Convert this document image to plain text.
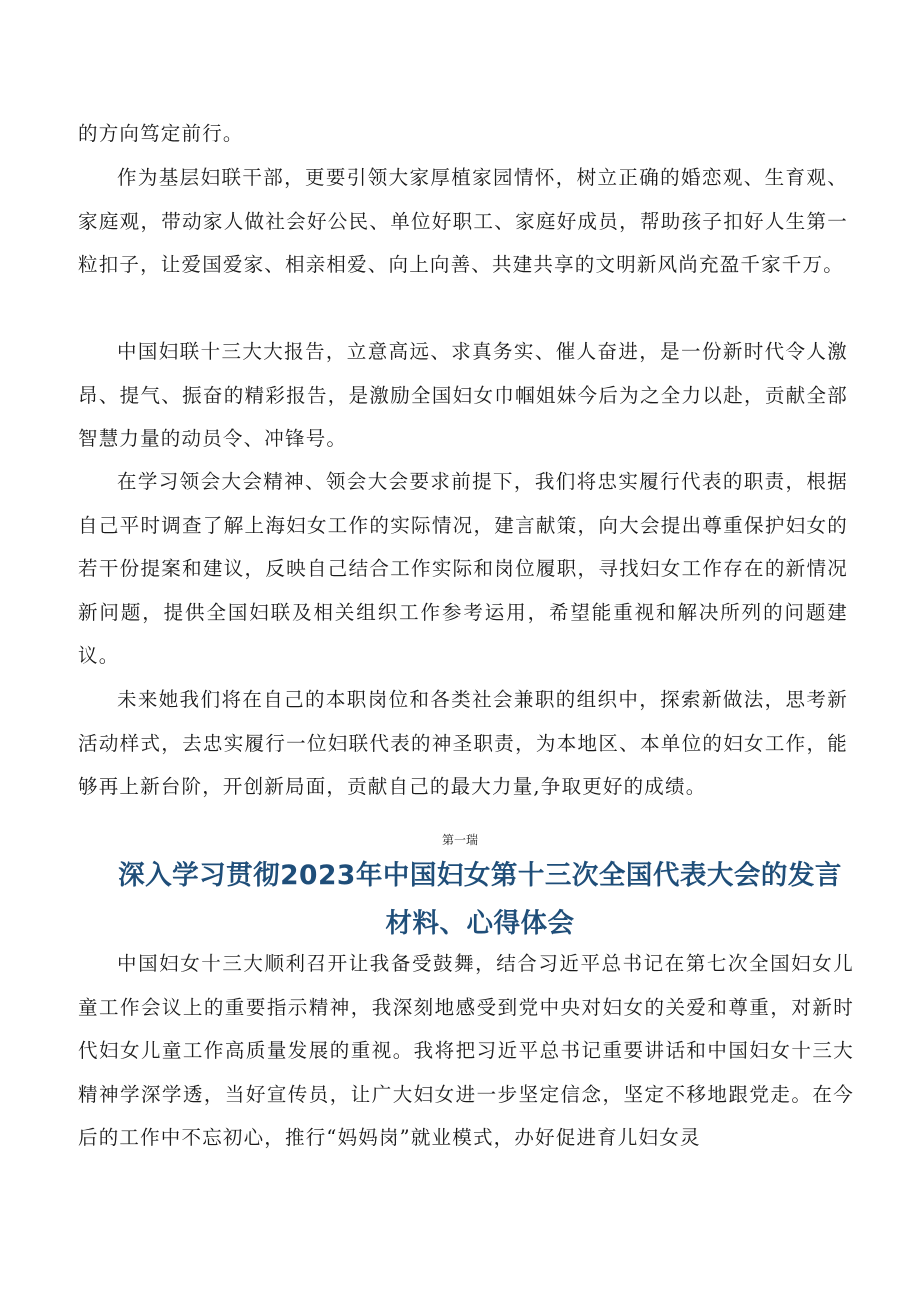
的方向笃定前行。

作为基层妇联干部，更要引领大家厚植家园情怀，树立正确的婚恋观、生育观、家庭观，带动家人做社会好公民、单位好职工、家庭好成员，帮助孩子扣好人生第一粒扣子，让爱国爱家、相亲相爱、向上向善、共建共享的文明新风尚充盈千家千万。

中国妇联十三大大报告，立意高远、求真务实、催人奋进，是一份新时代令人激昂、提气、振奋的精彩报告，是激励全国妇女巾帼姐妹今后为之全力以赴，贡献全部智慧力量的动员令、冲锋号。

在学习领会大会精神、领会大会要求前提下，我们将忠实履行代表的职责，根据自己平时调查了解上海妇女工作的实际情况，建言献策，向大会提出尊重保护妇女的若干份提案和建议，反映自己结合工作实际和岗位履职，寻找妇女工作存在的新情况新问题，提供全国妇联及相关组织工作参考运用，希望能重视和解决所列的问题建议。

未来她我们将在自己的本职岗位和各类社会兼职的组织中，探索新做法，思考新活动样式，去忠实履行一位妇联代表的神圣职责，为本地区、本单位的妇女工作，能够再上新台阶，开创新局面，贡献自己的最大力量,争取更好的成绩。

第一瑞

深入学习贯彻2023年中国妇女第十三次全国代表大会的发言材料、心得体会

中国妇女十三大顺利召开让我备受鼓舞，结合习近平总书记在第七次全国妇女儿童工作会议上的重要指示精神，我深刻地感受到党中央对妇女的关爱和尊重，对新时代妇女儿童工作高质量发展的重视。我将把习近平总书记重要讲话和中国妇女十三大精神学深学透，当好宣传员，让广大妇女进一步坚定信念，坚定不移地跟党走。在今后的工作中不忘初心，推行“妈妈岗”就业模式，办好促进育儿妇女灵
